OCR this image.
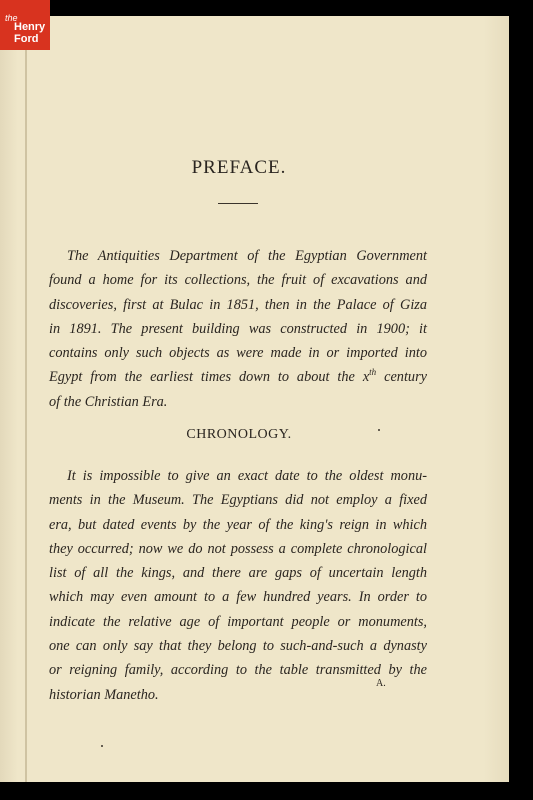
the
Henry
Ford
PREFACE.
The Antiquities Department of the Egyptian Government
found a home for its collections, the fruit of excavations and
discoveries, first at Bulac in 1851, then in the Palace of Giza
in 1891. The present building was constructed in 1900; it
contains only such objects as were made in or imported into
Egypt from the earliest times down to about the $x^{th}$ century
of the Christian Era.
CHRONOLOGY.
It is impossible to give an exact date to the oldest monu-
ments in the Museum. The Egyptians did not employ a fixed
era, but dated events by the year of the king's reign in which
they occurred; now we do not possess a complete chronological
list of all the kings, and there are gaps of uncertain length
which may even amount to a few hundred years. In order to
indicate the relative age of important people or monuments,
one can only say that they belong to such-and-such a dynasty
or reigning family, according to the table transmitted by the
historian Manetho.
A.
